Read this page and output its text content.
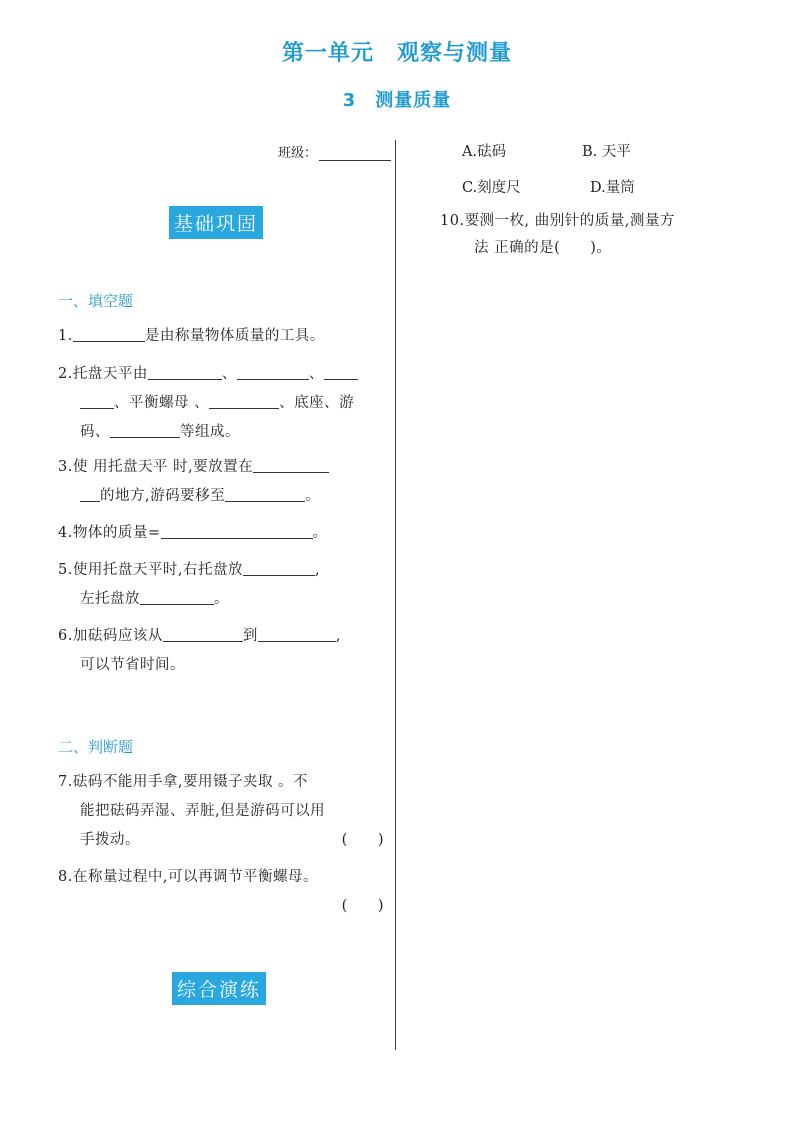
第一单元　观察与测量
3　测量质量
班级：
基础巩固
一、填空题
1.	是由称量物体质量的工具。
2.托盘天平由	、	、
、平衡螺母 、	、底座、游
码、	等组成。
3.使 用托盘天平 时,要放置在
的地方,游码要移至	。
4.物体的质量=	。
5.使用托盘天平时,右托盘放	,
左托盘放	。
6.加砝码应该从	到	,
可以节省时间。
二、判断题
7.砝码不能用手拿,要用镊子夹取 。不
能把砝码弄湿、弄脏,但是游码可以用
手拨动。	(　　)
8.在称量过程中,可以再调节平衡螺母。
(　　)
综合演练
A.砝码	B. 天平
C.刻度尺	D.量筒
10.要测一枚, 曲别针的质量,测量方
法 正确的是(　　)。
